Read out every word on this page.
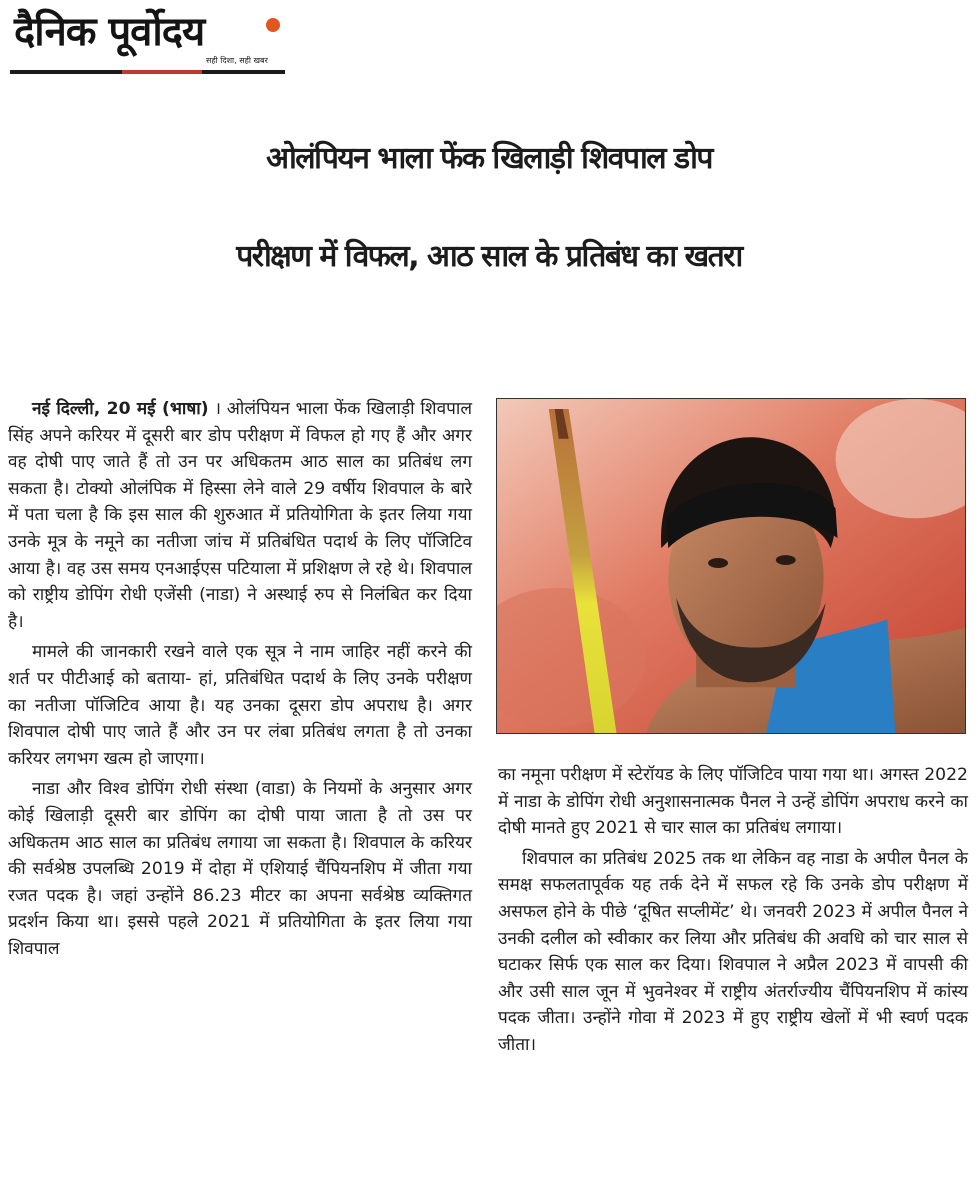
दैनिक पूर्वोदय
सही दिशा, सही खबर
ओलंपियन भाला फेंक खिलाड़ी शिवपाल डोप
परीक्षण में विफल, आठ साल के प्रतिबंध का खतरा

नई दिल्ली, 20 मई (भाषा) । ओलंपियन भाला फेंक खिलाड़ी शिवपाल सिंह अपने करियर में दूसरी बार डोप परीक्षण में विफल हो गए हैं और अगर वह दोषी पाए जाते हैं तो उन पर अधिकतम आठ साल का प्रतिबंध लग सकता है। टोक्यो ओलंपिक में हिस्सा लेने वाले 29 वर्षीय शिवपाल के बारे में पता चला है कि इस साल की शुरुआत में प्रतियोगिता के इतर लिया गया उनके मूत्र के नमूने का नतीजा जांच में प्रतिबंधित पदार्थ के लिए पॉजिटिव आया है। वह उस समय एनआईएस पटियाला में प्रशिक्षण ले रहे थे। शिवपाल को राष्ट्रीय डोपिंग रोधी एजेंसी (नाडा) ने अस्थाई रुप से निलंबित कर दिया है।

मामले की जानकारी रखने वाले एक सूत्र ने नाम जाहिर नहीं करने की शर्त पर पीटीआई को बताया- हां, प्रतिबंधित पदार्थ के लिए उनके परीक्षण का नतीजा पॉजिटिव आया है। यह उनका दूसरा डोप अपराध है। अगर शिवपाल दोषी पाए जाते हैं और उन पर लंबा प्रतिबंध लगता है तो उनका करियर लगभग खत्म हो जाएगा।

नाडा और विश्व डोपिंग रोधी संस्था (वाडा) के नियमों के अनुसार अगर कोई खिलाड़ी दूसरी बार डोपिंग का दोषी पाया जाता है तो उस पर अधिकतम आठ साल का प्रतिबंध लगाया जा सकता है। शिवपाल के करियर की सर्वश्रेष्ठ उपलब्धि 2019 में दोहा में एशियाई चैंपियनशिप में जीता गया रजत पदक है। जहां उन्होंने 86.23 मीटर का अपना सर्वश्रेष्ठ व्यक्तिगत प्रदर्शन किया था। इससे पहले 2021 में प्रतियोगिता के इतर लिया गया शिवपाल

का नमूना परीक्षण में स्टेरॉयड के लिए पॉजिटिव पाया गया था। अगस्त 2022 में नाडा के डोपिंग रोधी अनुशासनात्मक पैनल ने उन्हें डोपिंग अपराध करने का दोषी मानते हुए 2021 से चार साल का प्रतिबंध लगाया।

शिवपाल का प्रतिबंध 2025 तक था लेकिन वह नाडा के अपील पैनल के समक्ष सफलतापूर्वक यह तर्क देने में सफल रहे कि उनके डोप परीक्षण में असफल होने के पीछे ‘दूषित सप्लीमेंट’ थे। जनवरी 2023 में अपील पैनल ने उनकी दलील को स्वीकार कर लिया और प्रतिबंध की अवधि को चार साल से घटाकर सिर्फ एक साल कर दिया। शिवपाल ने अप्रैल 2023 में वापसी की और उसी साल जून में भुवनेश्वर में राष्ट्रीय अंतर्राज्यीय चैंपियनशिप में कांस्य पदक जीता। उन्होंने गोवा में 2023 में हुए राष्ट्रीय खेलों में भी स्वर्ण पदक जीता।
